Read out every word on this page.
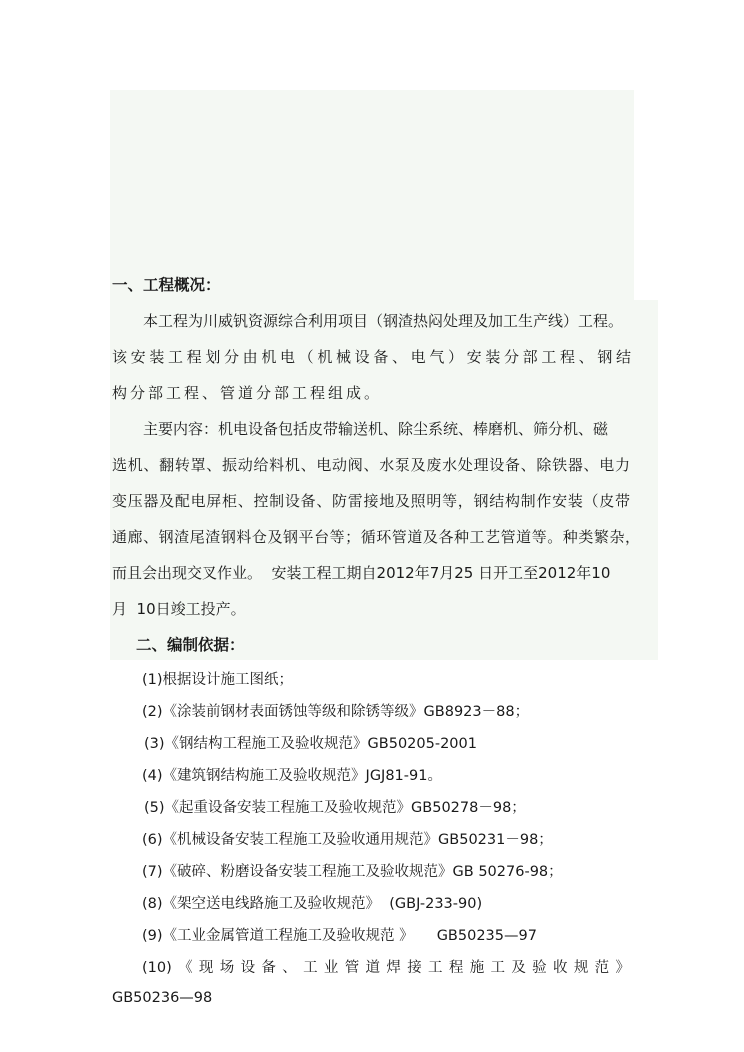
一、工程概况：
本工程为川威钒资源综合利用项目（钢渣热闷处理及加工生产线）工程。
该安装工程划分由机电（机械设备、电气）安装分部工程、钢结
构分部工程、管道分部工程组成。
主要内容：机电设备包括皮带输送机、除尘系统、棒磨机、筛分机、磁
选机、翻转罩、振动给料机、电动阀、水泵及废水处理设备、除铁器、电力
变压器及配电屏柜、控制设备、防雷接地及照明等，钢结构制作安装（皮带
通廊、钢渣尾渣钢料仓及钢平台等；循环管道及各种工艺管道等。种类繁杂，
而且会出现交叉作业。  安装工程工期自2012年7月25 日开工至2012年10
月  10日竣工投产。
二、编制依据：
(1)根据设计施工图纸；
(2)《涂装前钢材表面锈蚀等级和除锈等级》GB8923－88；
(3)《钢结构工程施工及验收规范》GB50205-2001
(4)《建筑钢结构施工及验收规范》JGJ81-91。
(5)《起重设备安装工程施工及验收规范》GB50278－98；
(6)《机械设备安装工程施工及验收通用规范》GB50231－98；
(7)《破碎、粉磨设备安装工程施工及验收规范》GB 50276-98；
(8)《架空送电线路施工及验收规范》  (GBJ-233-90)
(9)《工业金属管道工程施工及验收规范 》     GB50235—97
(10)《现场设备、工业管道焊接工程施工及验收规范》
GB50236—98
